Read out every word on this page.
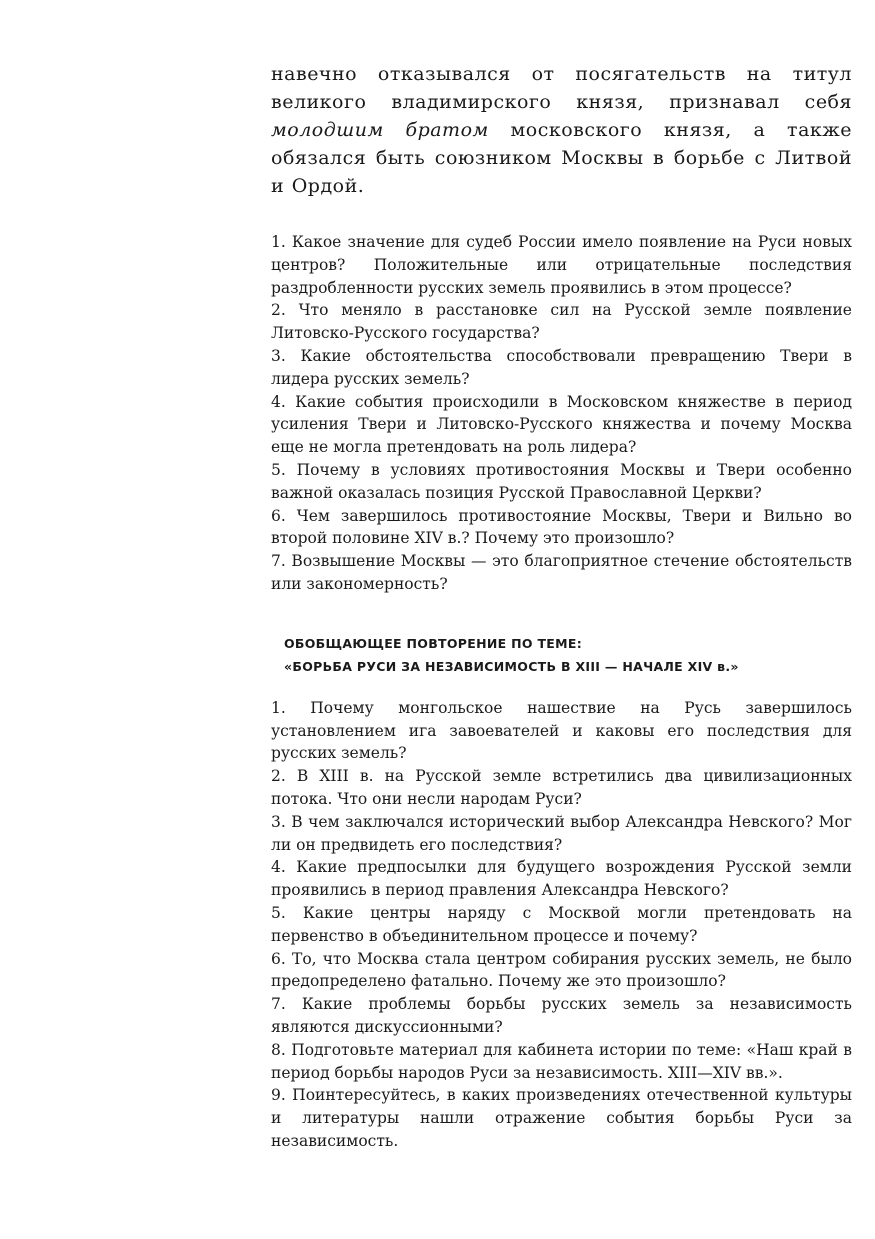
навечно отказывался от посягательств на титул великого владимирского князя, признавал себя молодшим братом московского князя, а также обязался быть союзником Москвы в борьбе с Литвой и Ордой.

1. Какое значение для судеб России имело появление на Руси новых центров? Положительные или отрицательные последствия раздробленности русских земель проявились в этом процессе?
2. Что меняло в расстановке сил на Русской земле появление Литовско-Русского государства?
3. Какие обстоятельства способствовали превращению Твери в лидера русских земель?
4. Какие события происходили в Московском княжестве в период усиления Твери и Литовско-Русского княжества и почему Москва еще не могла претендовать на роль лидера?
5. Почему в условиях противостояния Москвы и Твери особенно важной оказалась позиция Русской Православной Церкви?
6. Чем завершилось противостояние Москвы, Твери и Вильно во второй половине XIV в.? Почему это произошло?
7. Возвышение Москвы — это благоприятное стечение обстоятельств или закономерность?
ОБОБЩАЮЩЕЕ ПОВТОРЕНИЕ ПО ТЕМЕ:
«БОРЬБА РУСИ ЗА НЕЗАВИСИМОСТЬ В XIII — НАЧАЛЕ XIV в.»
1. Почему монгольское нашествие на Русь завершилось установлением ига завоевателей и каковы его последствия для русских земель?
2. В XIII в. на Русской земле встретились два цивилизационных потока. Что они несли народам Руси?
3. В чем заключался исторический выбор Александра Невского? Мог ли он предвидеть его последствия?
4. Какие предпосылки для будущего возрождения Русской земли проявились в период правления Александра Невского?
5. Какие центры наряду с Москвой могли претендовать на первенство в объединительном процессе и почему?
6. То, что Москва стала центром собирания русских земель, не было предопределено фатально. Почему же это произошло?
7. Какие проблемы борьбы русских земель за независимость являются дискуссионными?
8. Подготовьте материал для кабинета истории по теме: «Наш край в период борьбы народов Руси за независимость. XIII—XIV вв.».
9. Поинтересуйтесь, в каких произведениях отечественной культуры и литературы нашли отражение события борьбы Руси за независимость.
